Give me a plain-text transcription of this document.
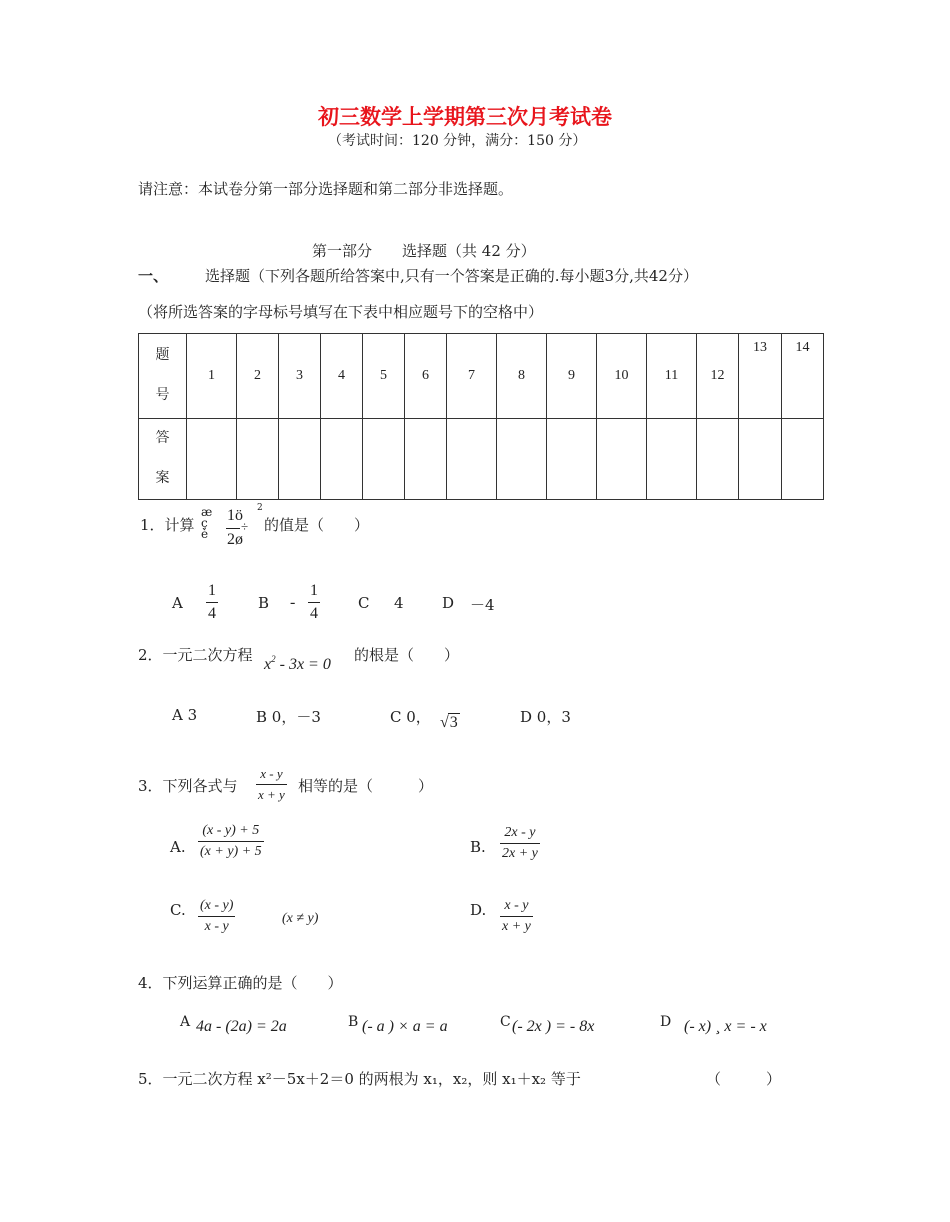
初三数学上学期第三次月考试卷
（考试时间：120 分钟，满分：150 分）
请注意：本试卷分第一部分选择题和第二部分非选择题。
第一部分　　选择题（共 42 分）
一、 选择题（下列各题所给答案中,只有一个答案是正确的.每小题3分,共42分）
（将所选答案的字母标号填写在下表中相应题号下的空格中）
题
号	1	2	3	4	5	6	7	8	9	10	11	12	13	14

答
案														

1．计算
æ
ç
è
1ö
÷
2ø
2
的值是（　　）
A $\frac{1}{4}$	B - $\frac{1}{4}$	C 4	D －4
2．一元二次方程
$x^2 - 3x = 0$
的根是（　　）
A 3	B 0，－3	C 0， √3	D 0，3
3．下列各式与 $\frac{x - y}{x + y}$ 相等的是（　　　）
A. $\frac{(x - y) + 5}{(x + y) + 5}$	B. $\frac{2x - y}{2x + y}$
C. $\frac{(x - y)}{x - y}$	(x ≠ y)	D. $\frac{x - y}{x + y}$
4．下列运算正确的是（　　）
A 4a - (2a) = 2a	B (- a ) × a = a	C (- 2x ) = - 8x	D (- x) ¸ x = - x
5．一元二次方程 x²－5x＋2＝0 的两根为 x₁，x₂，则 x₁＋x₂ 等于	（　　　）
